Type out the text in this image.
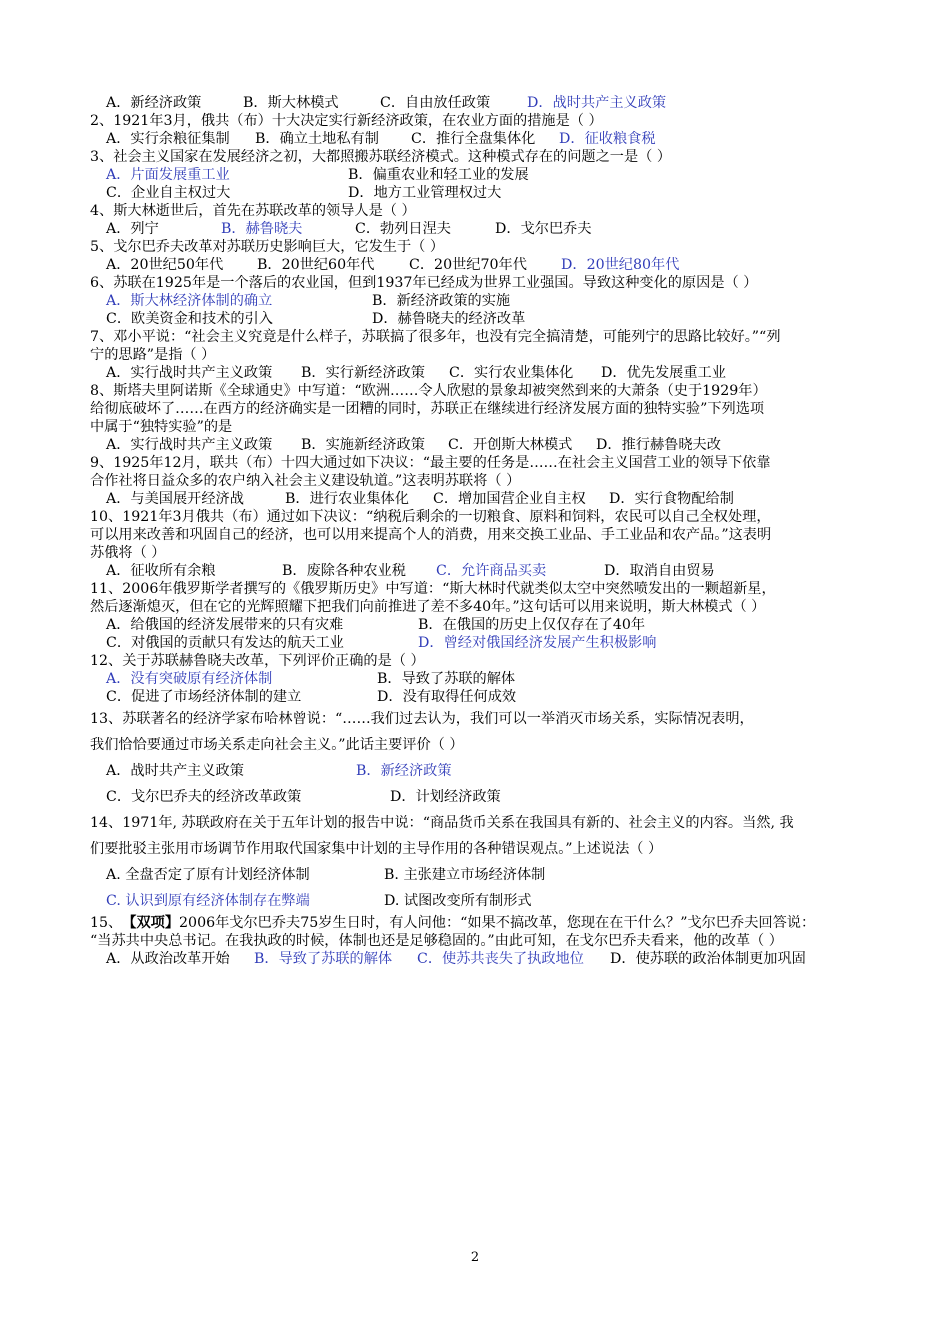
A．新经济政策	B．斯大林模式	C．自由放任政策	D．战时共产主义政策
2、1921年3月，俄共（布）十大决定实行新经济政策，在农业方面的措施是（ ）
A．实行余粮征集制 B．确立土地私有制 C．推行全盘集体化 D．征收粮食税
3、社会主义国家在发展经济之初，大都照搬苏联经济模式。这种模式存在的问题之一是（ ）
A．片面发展重工业	B．偏重农业和轻工业的发展
C．企业自主权过大	D．地方工业管理权过大
4、斯大林逝世后，首先在苏联改革的领导人是（ ）
A．列宁	B．赫鲁晓夫	C．勃列日涅夫	D．戈尔巴乔夫
5、戈尔巴乔夫改革对苏联历史影响巨大，它发生于（ ）
A．20世纪50年代 B．20世纪60年代 C．20世纪70年代 D．20世纪80年代
6、苏联在1925年是一个落后的农业国，但到1937年已经成为世界工业强国。导致这种变化的原因是（ ）
A．斯大林经济体制的确立	B．新经济政策的实施
C．欧美资金和技术的引入	D．赫鲁晓夫的经济改革
7、邓小平说：“社会主义究竟是什么样子，苏联搞了很多年，也没有完全搞清楚，可能列宁的思路比较好。”“列
宁的思路”是指（ ）
A．实行战时共产主义政策 B．实行新经济政策 C．实行农业集体化 D．优先发展重工业
8、斯塔夫里阿诺斯《全球通史》中写道：“欧洲……令人欣慰的景象却被突然到来的大萧条（史于1929年）
给彻底破坏了……在西方的经济确实是一团糟的同时，苏联正在继续进行经济发展方面的独特实验”下列选项
中属于“独特实验”的是
A．实行战时共产主义政策 B．实施新经济政策 C．开创斯大林模式 D．推行赫鲁晓夫改
9、1925年12月，联共（布）十四大通过如下决议：“最主要的任务是……在社会主义国营工业的领导下依靠
合作社将日益众多的农户纳入社会主义建设轨道。”这表明苏联将（ ）
A．与美国展开经济战	B．进行农业集体化 C．增加国营企业自主权 D．实行食物配给制
10、1921年3月俄共（布）通过如下决议：“纳税后剩余的一切粮食、原料和饲料，农民可以自己全权处理，
可以用来改善和巩固自己的经济，也可以用来提高个人的消费，用来交换工业品、手工业品和农产品。”这表明
苏俄将（ ）
A．征收所有余粮	B．废除各种农业税 C．允许商品买卖	D．取消自由贸易
11、2006年俄罗斯学者撰写的《俄罗斯历史》中写道：“斯大林时代就类似太空中突然喷发出的一颗超新星，
然后逐渐熄灭，但在它的光辉照耀下把我们向前推进了差不多40年。”这句话可以用来说明，斯大林模式（ ）
A．给俄国的经济发展带来的只有灾难	B．在俄国的历史上仅仅存在了40年
C．对俄国的贡献只有发达的航天工业	D．曾经对俄国经济发展产生积极影响
12、关于苏联赫鲁晓夫改革，下列评价正确的是（ ）
A．没有突破原有经济体制	B．导致了苏联的解体
C．促进了市场经济体制的建立	D．没有取得任何成效
13、苏联著名的经济学家布哈林曾说：“……我们过去认为，我们可以一举消灭市场关系，实际情况表明，
我们恰恰要通过市场关系走向社会主义。”此话主要评价（ ）
A．战时共产主义政策	B．新经济政策
C．戈尔巴乔夫的经济改革政策	D．计划经济政策
14、1971年, 苏联政府在关于五年计划的报告中说：“商品货币关系在我国具有新的、社会主义的内容。当然, 我
们要批驳主张用市场调节作用取代国家集中计划的主导作用的各种错误观点。”上述说法（ ）
A. 全盘否定了原有计划经济体制	B. 主张建立市场经济体制
C. 认识到原有经济体制存在弊端	D. 试图改变所有制形式
15、【双项】2006年戈尔巴乔夫75岁生日时，有人问他：“如果不搞改革，您现在在干什么？”戈尔巴乔夫回答说：
“当苏共中央总书记。在我执政的时候，体制也还是足够稳固的。”由此可知，在戈尔巴乔夫看来，他的改革（ ）
A．从政治改革开始 B．导致了苏联的解体 C．使苏共丧失了执政地位 D．使苏联的政治体制更加巩固
2
